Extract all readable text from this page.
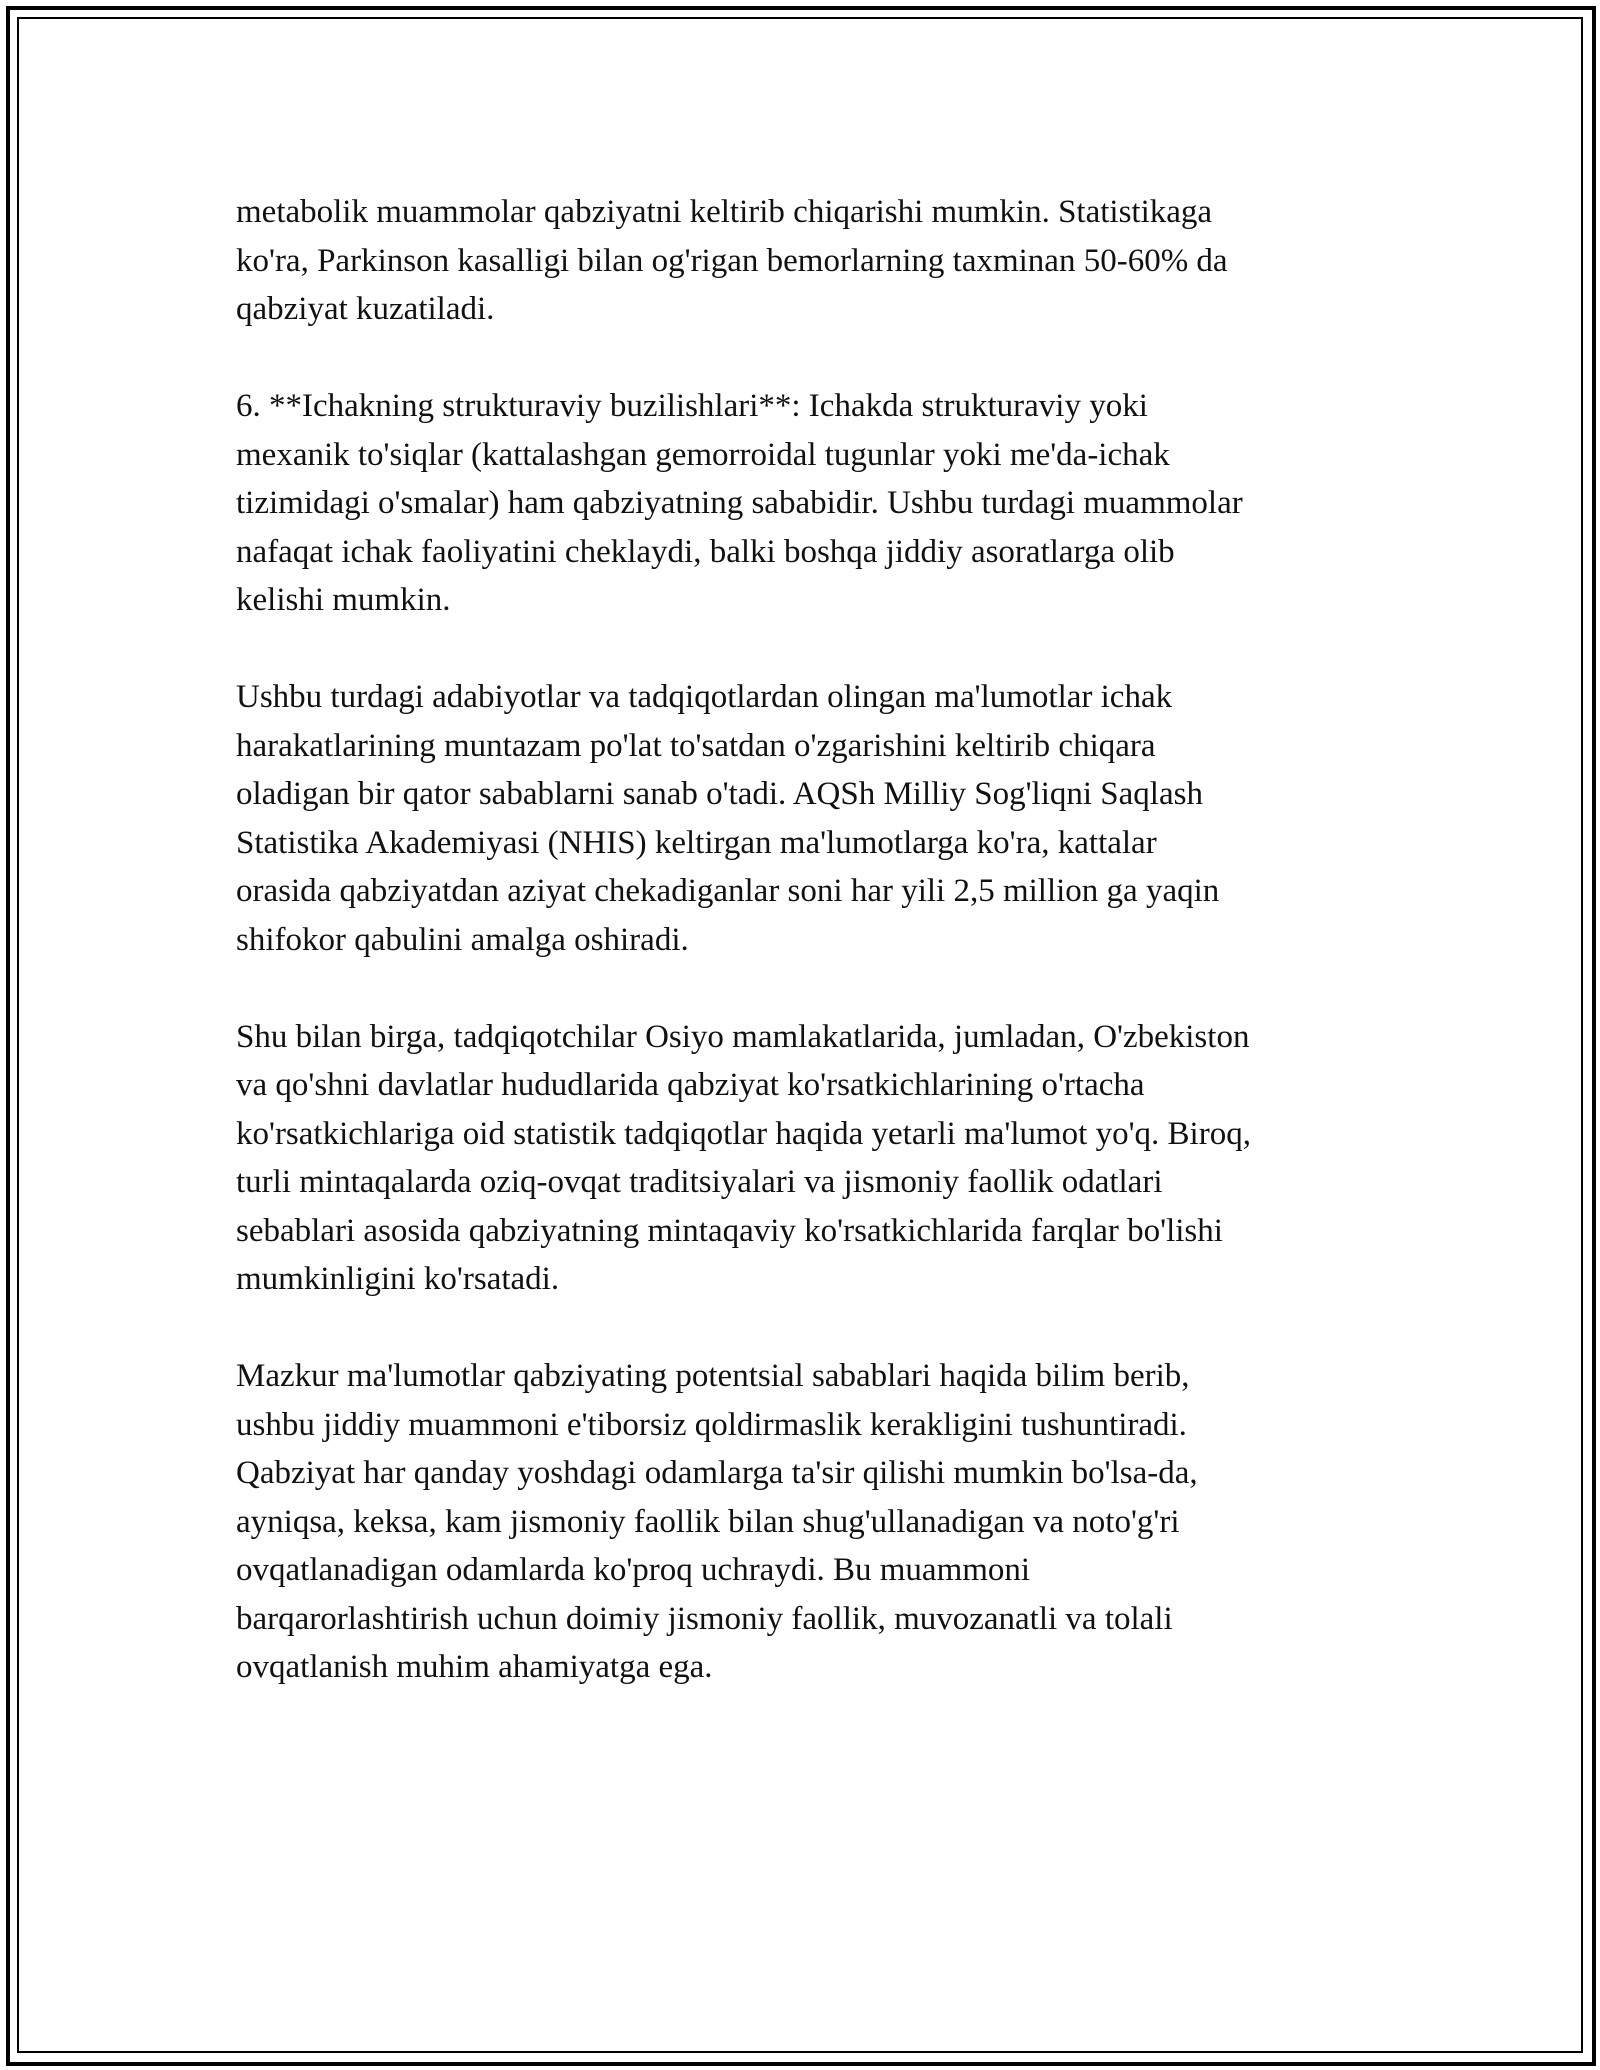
metabolik muammolar qabziyatni keltirib chiqarishi mumkin. Statistikaga
ko'ra, Parkinson kasalligi bilan og'rigan bemorlarning taxminan 50-60% da
qabziyat kuzatiladi.

6. **Ichakning strukturaviy buzilishlari**: Ichakda strukturaviy yoki
mexanik to'siqlar (kattalashgan gemorroidal tugunlar yoki me'da-ichak
tizimidagi o'smalar) ham qabziyatning sababidir. Ushbu turdagi muammolar
nafaqat ichak faoliyatini cheklaydi, balki boshqa jiddiy asoratlarga olib
kelishi mumkin.

Ushbu turdagi adabiyotlar va tadqiqotlardan olingan ma'lumotlar ichak
harakatlarining muntazam po'lat to'satdan o'zgarishini keltirib chiqara
oladigan bir qator sabablarni sanab o'tadi. AQSh Milliy Sog'liqni Saqlash
Statistika Akademiyasi (NHIS) keltirgan ma'lumotlarga ko'ra, kattalar
orasida qabziyatdan aziyat chekadiganlar soni har yili 2,5 million ga yaqin
shifokor qabulini amalga oshiradi.

Shu bilan birga, tadqiqotchilar Osiyo mamlakatlarida, jumladan, O'zbekiston
va qo'shni davlatlar hududlarida qabziyat ko'rsatkichlarining o'rtacha
ko'rsatkichlariga oid statistik tadqiqotlar haqida yetarli ma'lumot yo'q. Biroq,
turli mintaqalarda oziq-ovqat traditsiyalari va jismoniy faollik odatlari
sebablari asosida qabziyatning mintaqaviy ko'rsatkichlarida farqlar bo'lishi
mumkinligini ko'rsatadi.

Mazkur ma'lumotlar qabziyating potentsial sabablari haqida bilim berib,
ushbu jiddiy muammoni e'tiborsiz qoldirmaslik kerakligini tushuntiradi.
Qabziyat har qanday yoshdagi odamlarga ta'sir qilishi mumkin bo'lsa-da,
ayniqsa, keksa, kam jismoniy faollik bilan shug'ullanadigan va noto'g'ri
ovqatlanadigan odamlarda ko'proq uchraydi. Bu muammoni
barqarorlashtirish uchun doimiy jismoniy faollik, muvozanatli va tolali
ovqatlanish muhim ahamiyatga ega.
